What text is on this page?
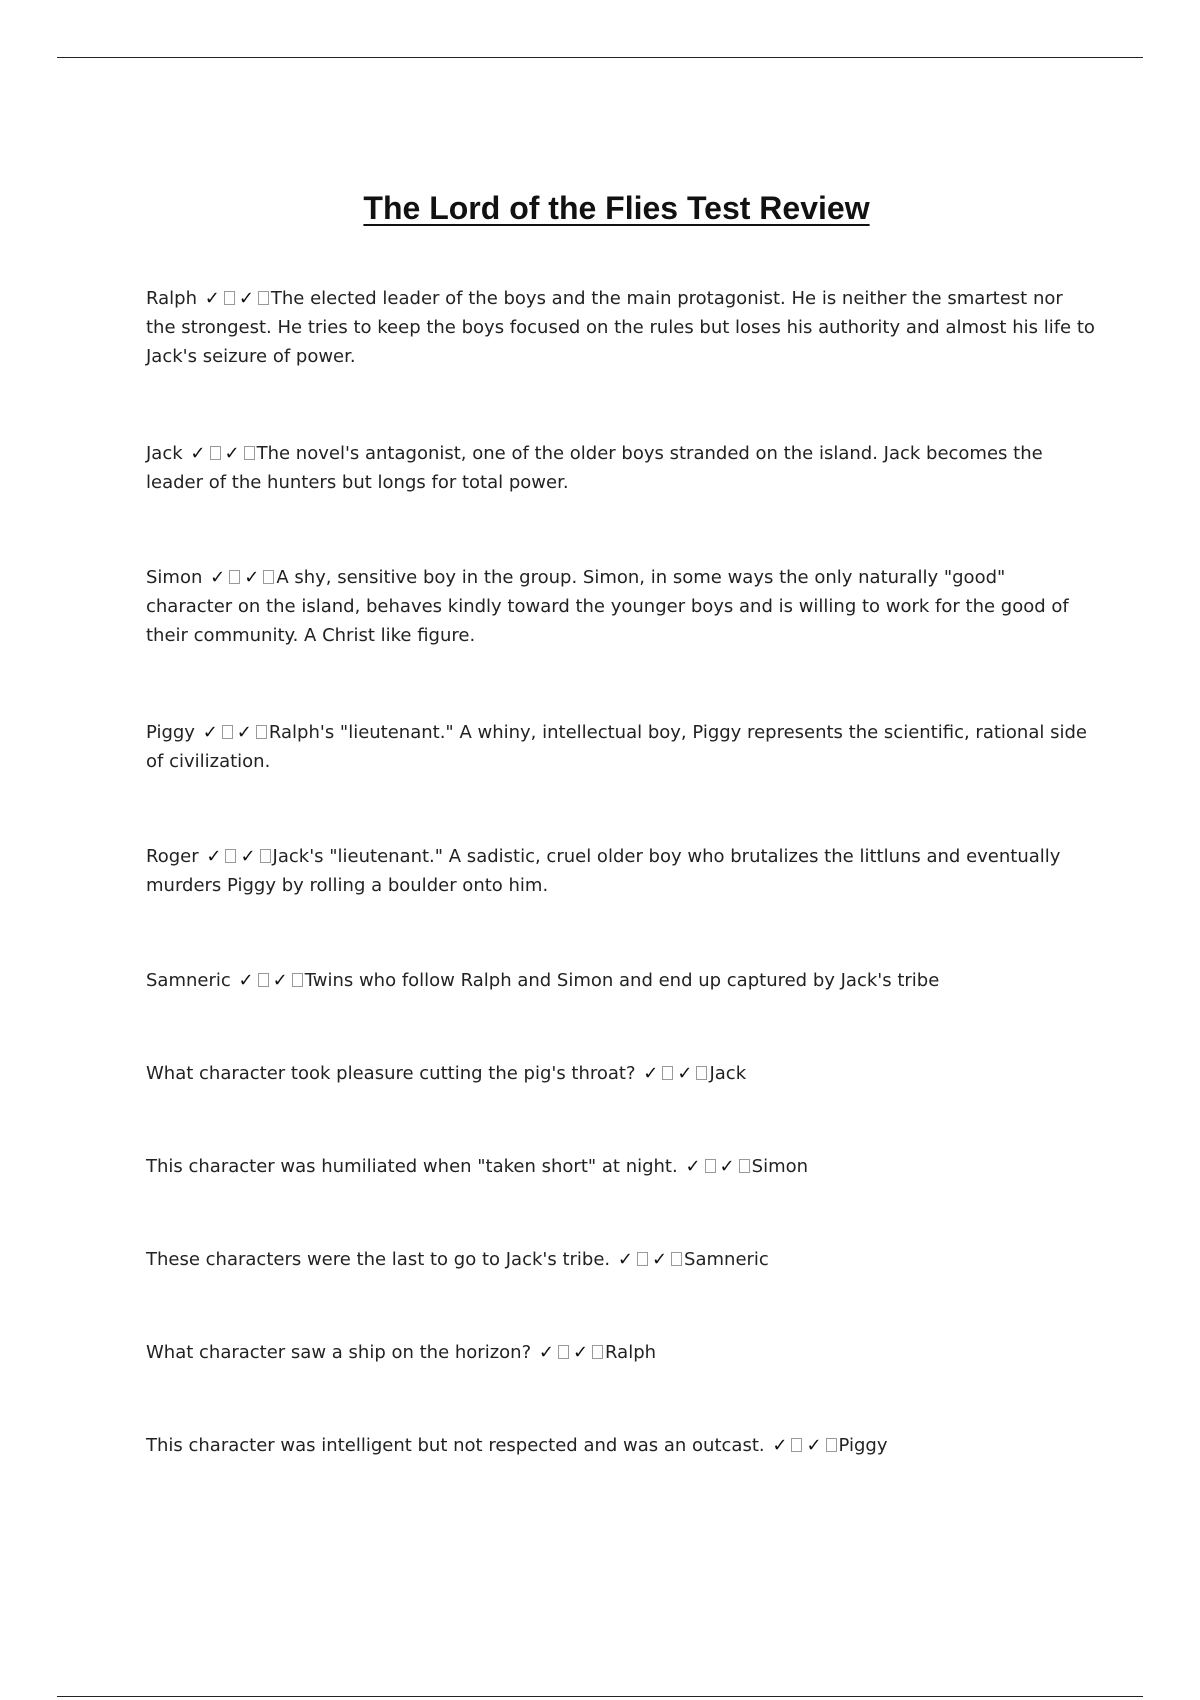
The Lord of the Flies Test Review

Ralph ✓ ✓ The elected leader of the boys and the main protagonist. He is neither the smartest nor the strongest. He tries to keep the boys focused on the rules but loses his authority and almost his life to Jack's seizure of power.

Jack ✓ ✓ The novel's antagonist, one of the older boys stranded on the island. Jack becomes the leader of the hunters but longs for total power.

Simon ✓ ✓ A shy, sensitive boy in the group. Simon, in some ways the only naturally "good" character on the island, behaves kindly toward the younger boys and is willing to work for the good of their community. A Christ like figure.

Piggy ✓ ✓ Ralph's "lieutenant." A whiny, intellectual boy, Piggy represents the scientific, rational side of civilization.

Roger ✓ ✓ Jack's "lieutenant." A sadistic, cruel older boy who brutalizes the littluns and eventually murders Piggy by rolling a boulder onto him.

Samneric ✓ ✓ Twins who follow Ralph and Simon and end up captured by Jack's tribe

What character took pleasure cutting the pig's throat? ✓ ✓ Jack

This character was humiliated when "taken short" at night. ✓ ✓ Simon

These characters were the last to go to Jack's tribe. ✓ ✓ Samneric

What character saw a ship on the horizon? ✓ ✓ Ralph

This character was intelligent but not respected and was an outcast. ✓ ✓ Piggy
